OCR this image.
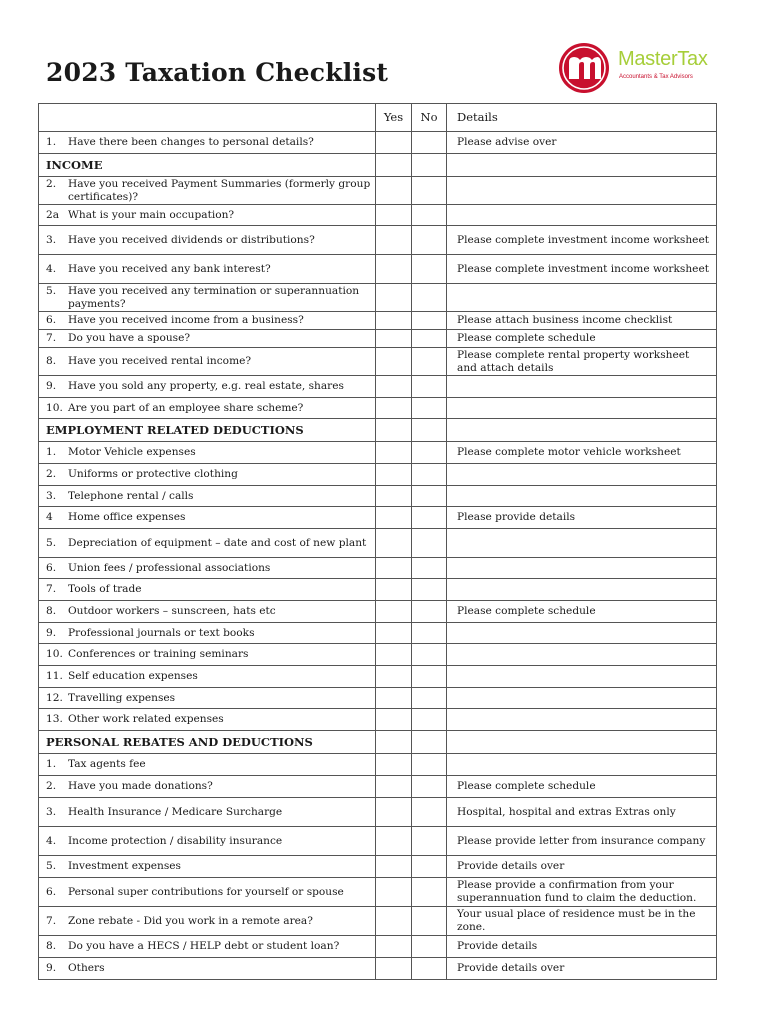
2023 Taxation Checklist	MasterTax
Accountants & Tax Advisors
	Yes	No	Details

1. Have there been changes to personal details?			Please advise over
INCOME			

2. Have you received Payment Summaries (formerly group certificates)?			

2a What is your main occupation?			

3. Have you received dividends or distributions?			Please complete investment income worksheet

4. Have you received any bank interest?			Please complete investment income worksheet

5. Have you received any termination or superannuation payments?			

6. Have you received income from a business?			Please attach business income checklist

7. Do you have a spouse?			Please complete schedule

8. Have you received rental income?			Please complete rental property worksheet and attach details

9. Have you sold any property, e.g. real estate, shares			

10. Are you part of an employee share scheme?			

EMPLOYMENT RELATED DEDUCTIONS			

1. Motor Vehicle expenses			Please complete motor vehicle worksheet

2. Uniforms or protective clothing			

3. Telephone rental / calls			

4 Home office expenses			Please provide details

5. Depreciation of equipment – date and cost of new plant			

6. Union fees / professional associations			

7. Tools of trade			

8. Outdoor workers – sunscreen, hats etc			Please complete schedule

9. Professional journals or text books			

10. Conferences or training seminars			

11. Self education expenses			

12. Travelling expenses			

13. Other work related expenses			

PERSONAL REBATES AND DEDUCTIONS			

1. Tax agents fee			

2. Have you made donations?			Please complete schedule

3. Health Insurance / Medicare Surcharge			Hospital, hospital and extras Extras only

4. Income protection / disability insurance			Please provide letter from insurance company

5. Investment expenses			Provide details over

6. Personal super contributions for yourself or spouse			Please provide a confirmation from your superannuation fund to claim the deduction.

7. Zone rebate - Did you work in a remote area?			Your usual place of residence must be in the zone.

8. Do you have a HECS / HELP debt or student loan?			Provide details

9. Others			Provide details over
